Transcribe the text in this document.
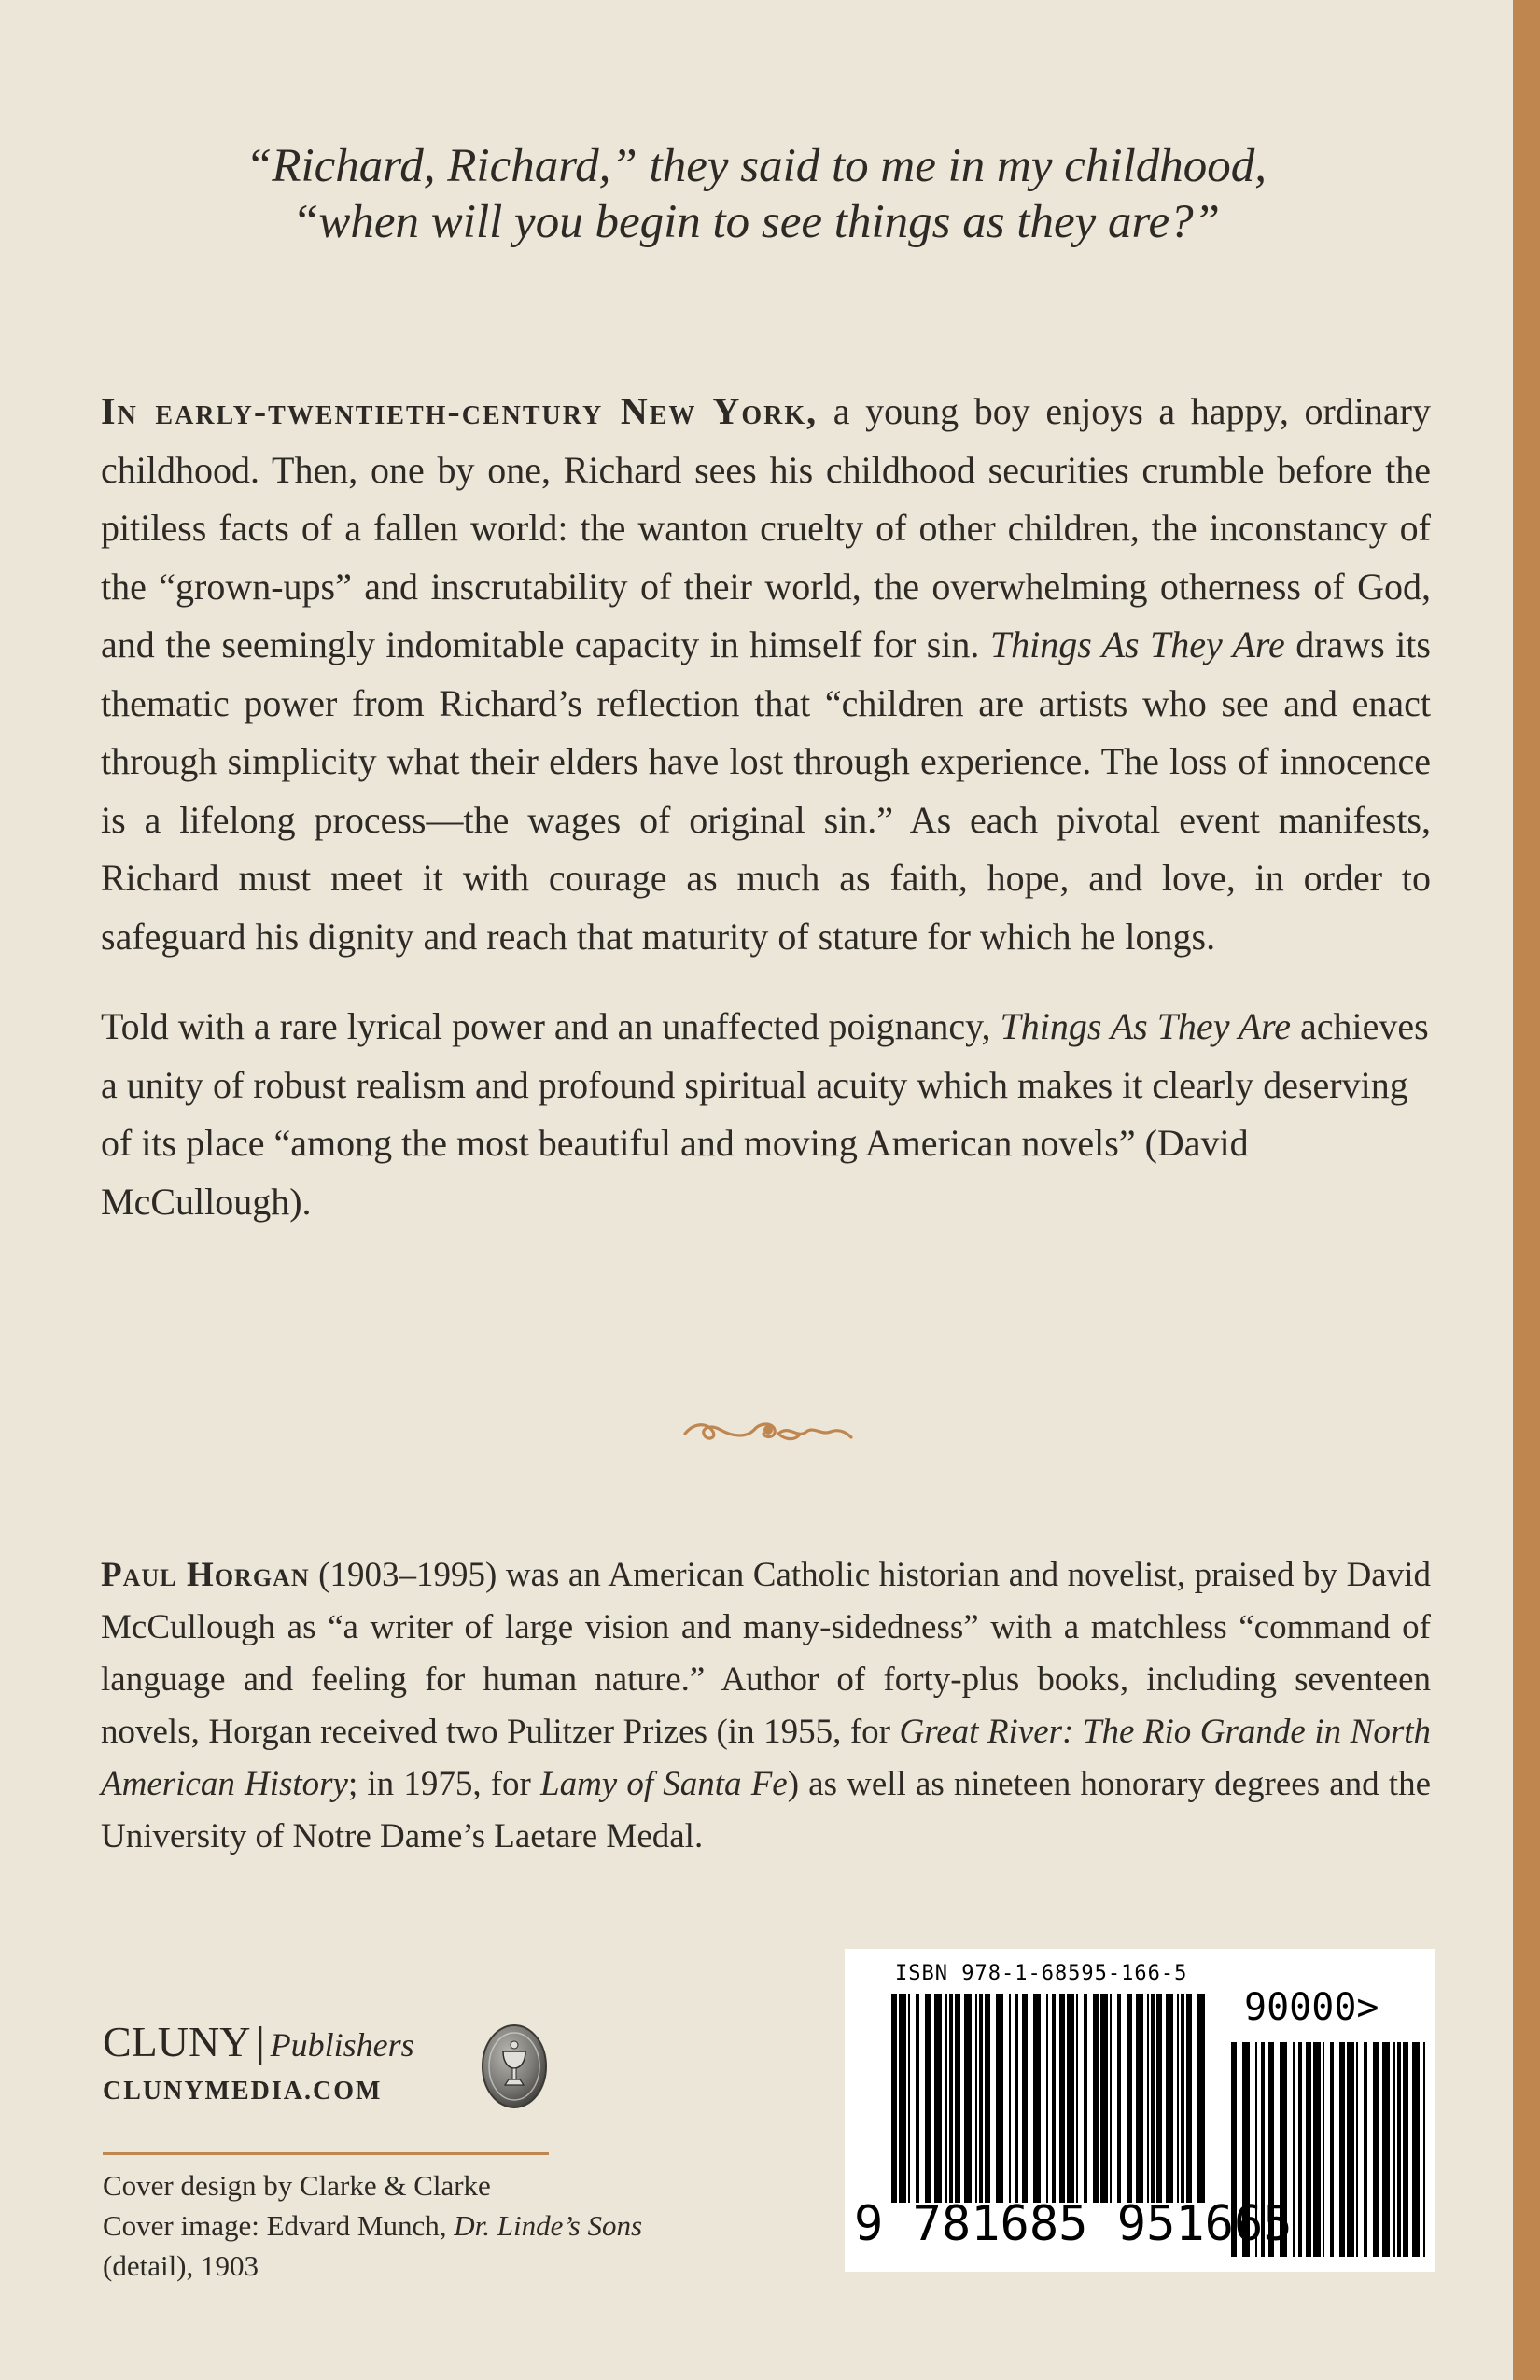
“Richard, Richard,” they said to me in my childhood,
“when will you begin to see things as they are?”

In early-twentieth-century New York, a young boy enjoys a happy, ordinary childhood. Then, one by one, Richard sees his childhood securities crumble before the pitiless facts of a fallen world: the wanton cruelty of other children, the inconstancy of the “grown-ups” and inscrutability of their world, the overwhelming otherness of God, and the seemingly indomitable capacity in himself for sin. Things As They Are draws its thematic power from Richard’s reflection that “children are artists who see and enact through simplicity what their elders have lost through experience. The loss of innocence is a lifelong process—the wages of original sin.” As each pivotal event manifests, Richard must meet it with courage as much as faith, hope, and love, in order to safeguard his dignity and reach that maturity of stature for which he longs.

Told with a rare lyrical power and an unaffected poignancy, Things As They Are achieves a unity of robust realism and profound spiritual acuity which makes it clearly deserving of its place “among the most beautiful and moving American novels” (David McCullough).

Paul Horgan (1903–1995) was an American Catholic historian and novelist, praised by David McCullough as “a writer of large vision and many-sidedness” with a matchless “command of language and feeling for human nature.” Author of forty-plus books, including seventeen novels, Horgan received two Pulitzer Prizes (in 1955, for Great River: The Rio Grande in North American History; in 1975, for Lamy of Santa Fe) as well as nineteen honorary degrees and the University of Notre Dame’s Laetare Medal.

CLUNY | Publishers
CLUNYMEDIA.COM
Cover design by Clarke & Clarke
Cover image: Edvard Munch, Dr. Linde’s Sons
(detail), 1903
ISBN 978-1-68595-166-5
90000>
9 781685 951665
